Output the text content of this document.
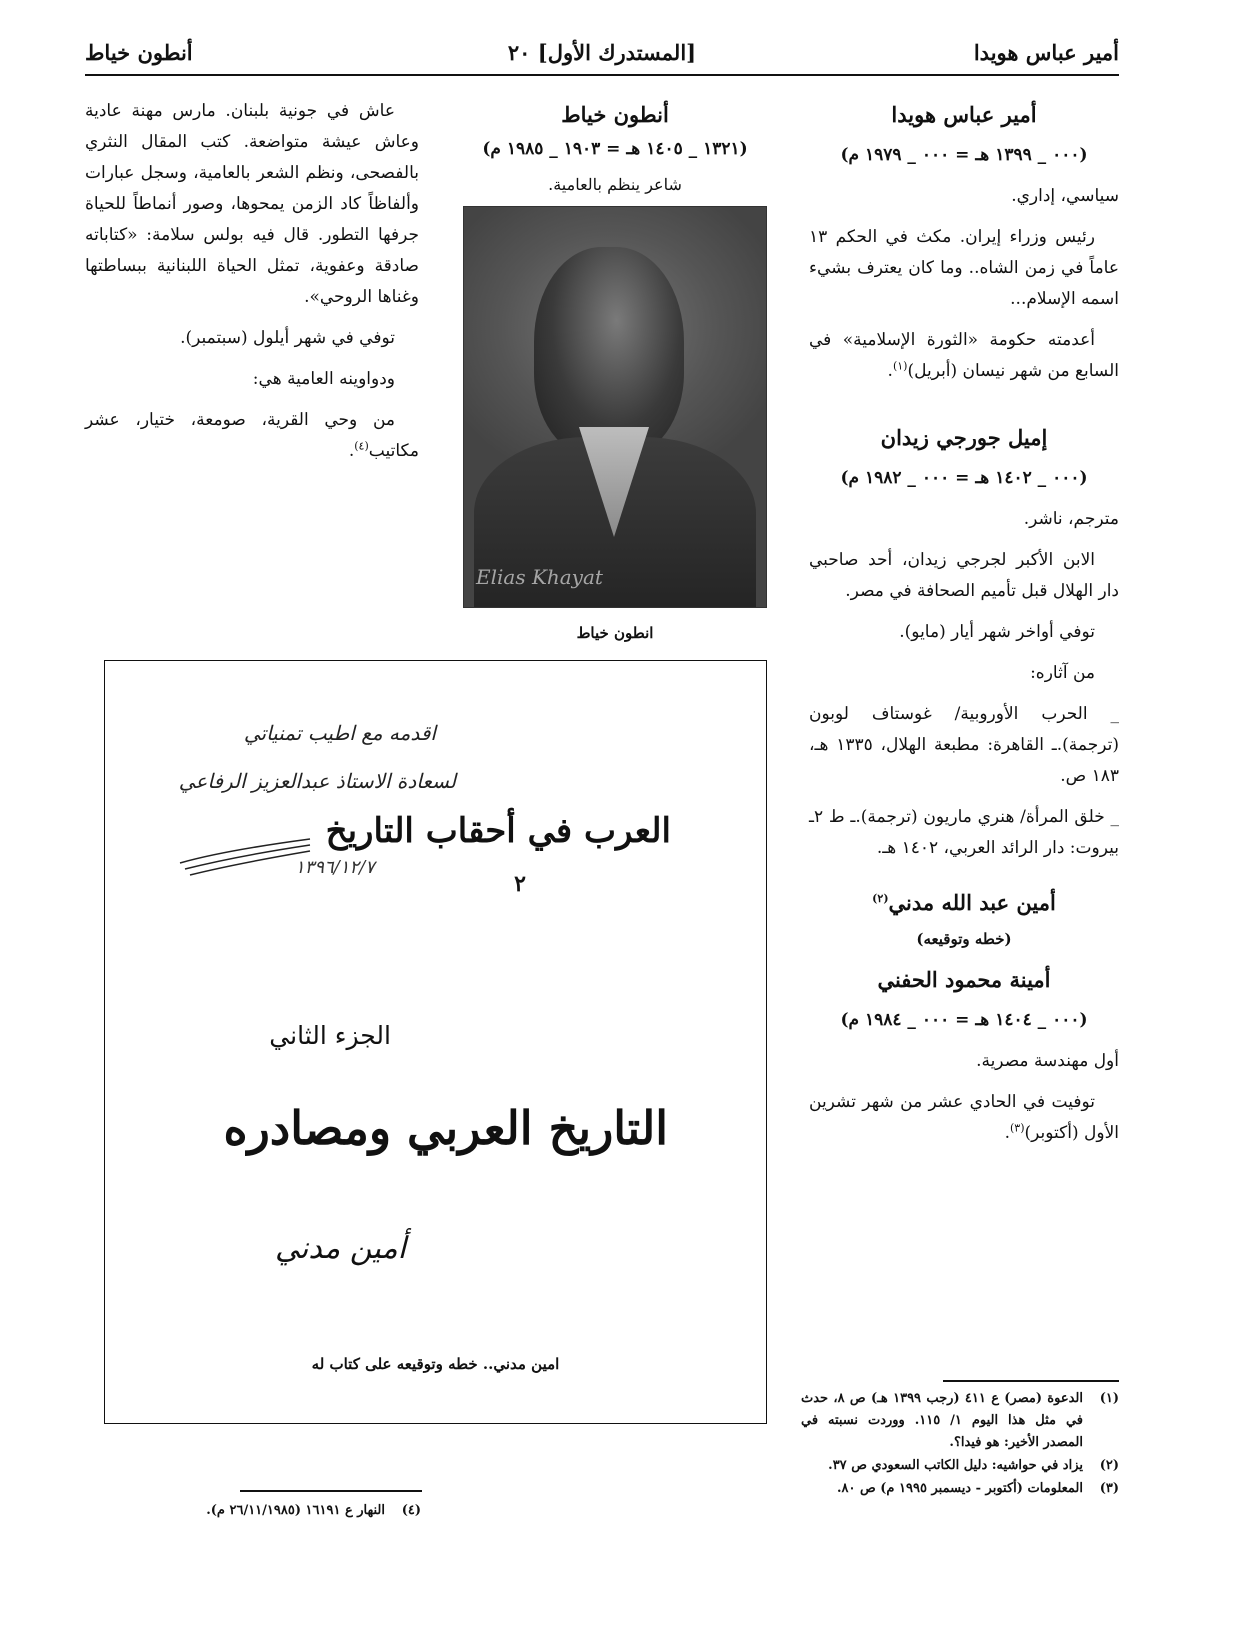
أمير عباس هويدا
[المستدرك الأول] ٢٠
أنطون خياط
أمير عباس هويدا
(٠٠٠ _ ١٣٩٩ هـ = ٠٠٠ _ ١٩٧٩ م)

سياسي، إداري.

رئيس وزراء إيران. مكث في الحكم ١٣ عاماً في زمن الشاه.. وما كان يعترف بشيء اسمه الإسلام...

أعدمته حكومة «الثورة الإسلامية» في السابع من شهر نيسان (أبريل)$^{(١)}$.

إميل جورجي زيدان
(٠٠٠ _ ١٤٠٢ هـ = ٠٠٠ _ ١٩٨٢ م)

مترجم، ناشر.

الابن الأكبر لجرجي زيدان، أحد صاحبي دار الهلال قبل تأميم الصحافة في مصر.

توفي أواخر شهر أيار (مايو).

من آثاره:

_ الحرب الأوروبية/ غوستاف لوبون (ترجمة).ـ القاهرة: مطبعة الهلال، ١٣٣٥ هـ، ١٨٣ ص.

_ خلق المرأة/ هنري ماريون (ترجمة).ـ ط ٢ـ بيروت: دار الرائد العربي، ١٤٠٢ هـ.

أمين عبد الله مدني$^{(٢)}$
(خطه وتوقيعه)
أمينة محمود الحفني
(٠٠٠ _ ١٤٠٤ هـ = ٠٠٠ _ ١٩٨٤ م)

أول مهندسة مصرية.

توفيت في الحادي عشر من شهر تشرين الأول (أكتوبر)$^{(٣)}$.

أنطون خياط
(١٣٢١ _ ١٤٠٥ هـ = ١٩٠٣ _ ١٩٨٥ م)
شاعر ينظم بالعامية.
Elias Khayat
انطون خياط

عاش في جونية بلبنان. مارس مهنة عادية وعاش عيشة متواضعة. كتب المقال النثري بالفصحى، ونظم الشعر بالعامية، وسجل عبارات وألفاظاً كاد الزمن يمحوها، وصور أنماطاً للحياة جرفها التطور. قال فيه بولس سلامة: «كتاباته صادقة وعفوية، تمثل الحياة اللبنانية ببساطتها وغناها الروحي».

توفي في شهر أيلول (سبتمبر).

ودواوينه العامية هي:

من وحي القرية، صومعة، ختيار، عشر مكاتيب$^{(٤)}$.

اقدمه مع اطيب تمنياتي
لسعادة الاستاذ عبدالعزيز الرفاعي
١٣٩٦/١٢/٧
العرب في أحقاب التاريخ
٢
الجزء الثاني
التاريخ العربي ومصادره
أمين مدني
امين مدني.. خطه وتوقيعه على كتاب له
(١)
الدعوة (مصر) ع ٤١١ (رجب ١٣٩٩ هـ) ص ٨، حدث في مثل هذا اليوم ١/ ١١٥. ووردت نسبته في المصدر الأخير: هو فيدا؟.
(٢)
يزاد في حواشيه: دليل الكاتب السعودي ص ٣٧.
(٣)
المعلومات (أكتوبر - ديسمبر ١٩٩٥ م) ص ٨٠.
(٤)
النهار ع ١٦١٩١ (٢٦/١١/١٩٨٥ م).
